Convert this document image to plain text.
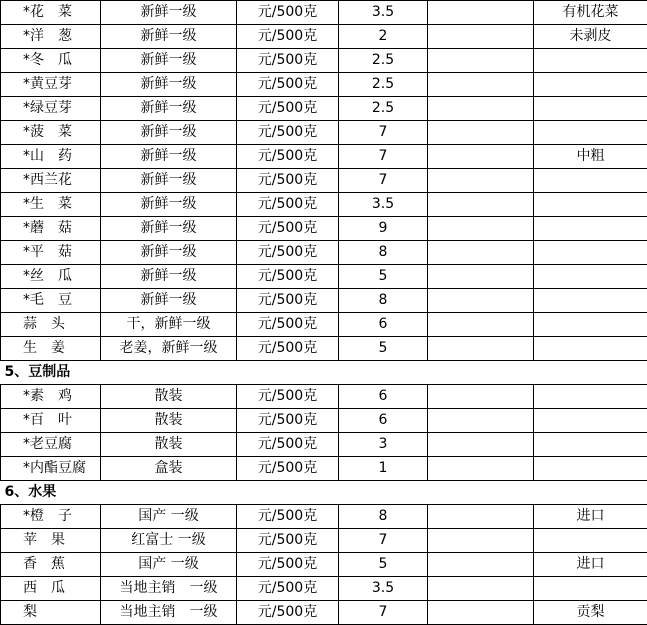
*花　菜	新鲜一级	元/500克	3.5		有机花菜
*洋　葱	新鲜一级	元/500克	2		未剥皮
*冬　瓜	新鲜一级	元/500克	2.5		
*黄豆芽	新鲜一级	元/500克	2.5		
*绿豆芽	新鲜一级	元/500克	2.5		
*菠　菜	新鲜一级	元/500克	7		
*山　药	新鲜一级	元/500克	7		中粗
*西兰花	新鲜一级	元/500克	7		
*生　菜	新鲜一级	元/500克	3.5		
*蘑　菇	新鲜一级	元/500克	9		
*平　菇	新鲜一级	元/500克	8		
*丝　瓜	新鲜一级	元/500克	5		
*毛　豆	新鲜一级	元/500克	8		
蒜　头	干，新鲜一级	元/500克	6		
生　姜	老姜，新鲜一级	元/500克	5		
5、豆制品					
*素　鸡	散装	元/500克	6		
*百　叶	散装	元/500克	6		
*老豆腐	散装	元/500克	3		
*内酯豆腐	盒装	元/500克	1		
6、水果					
*橙　子	国产 一级	元/500克	8		进口
苹　果	红富士 一级	元/500克	7		
香　蕉	国产 一级	元/500克	5		进口
西　瓜	当地主销　一级	元/500克	3.5		
梨	当地主销　一级	元/500克	7		贡梨
